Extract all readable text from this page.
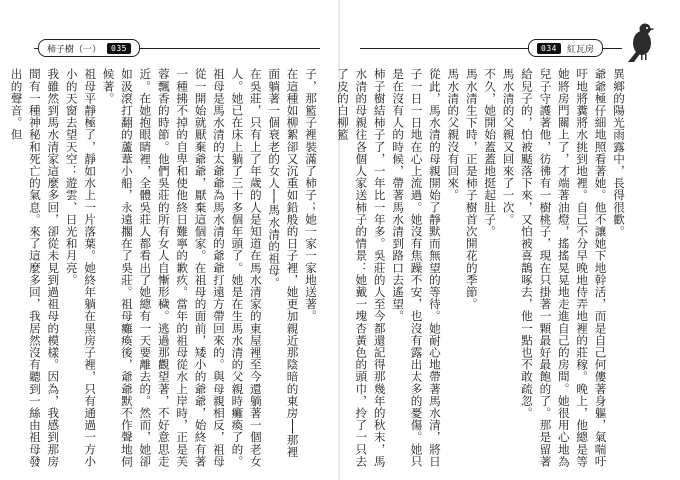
柿子樹（一）	035

子，那籃子裡裝滿了柿子；她一家一家地送著。

在這種如柳絮卻又沉重如鉛般的日子裡，她更加親近那陰暗的東房──那裡面躺著一個衰老的女人──馬水清的祖母。

在吳莊，只有上了年歲的人是知道在馬水清家的東屋裡至今還躺著一個老女人。她已在床上躺了三十多個年頭了。她是在生馬水清的父親時癱瘓了的。

祖母是馬水清的太爺爺為馬水清的爺爺打遠方帶回來的。與母親相反，祖母從一開始就厭棄爺爺，厭棄這個家。在祖母的面前，矮小的爺爺，始終有著一種拂不掉的自卑和使他終日難寧的歉疚。當年的祖母從水上岸時，正是芙蓉飄香的時節。他們吳莊的所有女人自慚形穢。逃過那觀望著，不好意思走近。在她抱眼睛裡，全體吳莊人都看出了她總有一天要離去的。然而，她卻如汲滾打翻的蘆葦小船，永遠擱在了吳莊。祖母癱瘓後，爺爺默不作聲地伺候著。

祖母平靜極了，靜如水上一片落葉。她終年躺在黑房子裡，只有通過一方小小的天窗去望天空：遊雲、日光和月亮。

我雖然到馬水清家這麼多回，卻從未見到過祖母的模樣。因為，我感到那房間有一種神秘和死亡的氣息。來了這麼多回，我居然沒有聽到一絲由祖母發出的聲音。但

034	紅瓦房

異鄉的陽光雨露中，長得很歡。

爺爺極仔細地照看著她。他不讓她下地幹活，而是自己何僂著身軀，氣喘吁吁地將糞將水挑到地裡。自己不分早晚地侍弄地裡的莊稼。晚上，他總是等她將房門關上了，才端著油燈，搖搖晃晃地走進自己的房間。她很用心地為兒子守護著他，彷彿有一樹桃子，現在只掛著一顆最好最飽的了。那是留著給兒子的，怕被颳落下來，又怕被喜鵲啄去，他一點也不敢疏忽。

馬水清的父親又回來了一次。

不久，她開始蓋蓋地挺起肚子。

馬水清生下時，正是柿子樹首次開花的季節。

馬水清的父親沒有回來。

從此，馬水清的母親開始了靜默而無望的等待。她耐心地帶著馬水清，將日子一日一日地在心上流過。她沒有焦躁不安，也沒有露出太多的憂傷。她只是在沒有人的時候，帶著馬水清到路口去遙望。

柿子樹結柿子了，一年比一年多。吳莊的人至今都還記得那幾年的秋末，馬水清的母親往各個人家送柿子的情景：她戴一塊杏黃色的頭巾，拎了一只去了皮的白柳籃
